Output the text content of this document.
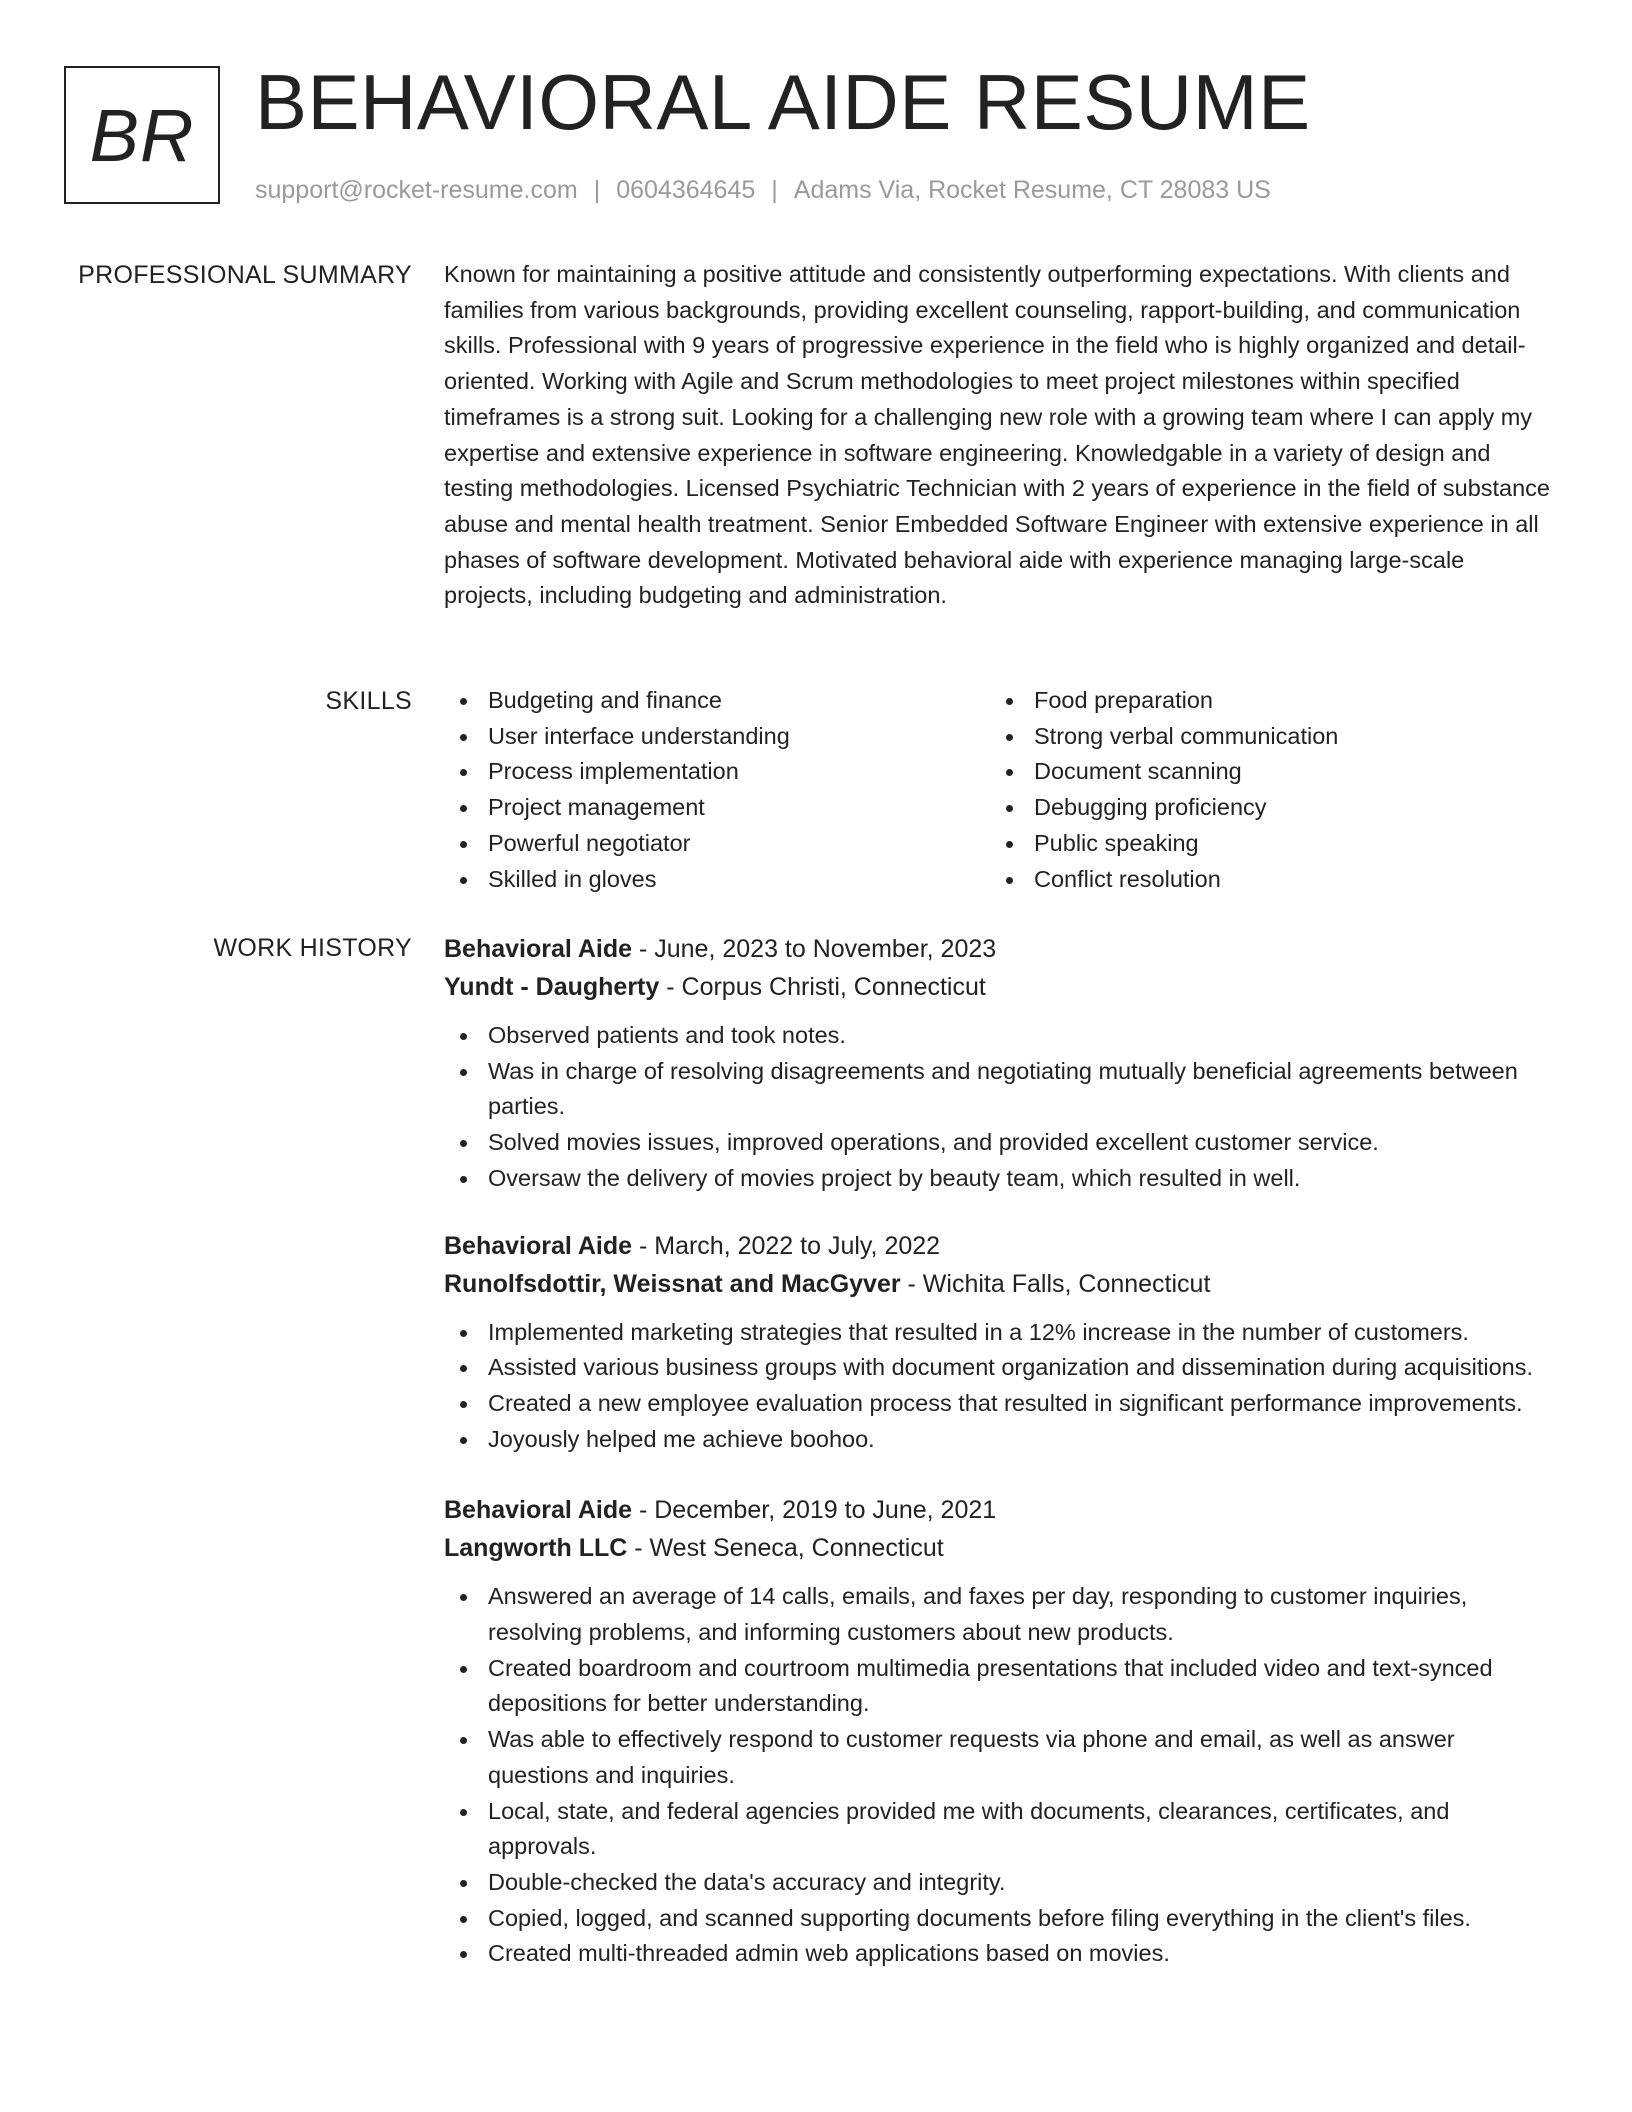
BR BEHAVIORAL AIDE RESUME
support@rocket-resume.com | 0604364645 | Adams Via, Rocket Resume, CT 28083 US
PROFESSIONAL SUMMARY Known for maintaining a positive attitude and consistently outperforming expectations. With clients and families from various backgrounds, providing excellent counseling, rapport-building, and communication skills. Professional with 9 years of progressive experience in the field who is highly organized and detail-oriented. Working with Agile and Scrum methodologies to meet project milestones within specified timeframes is a strong suit. Looking for a challenging new role with a growing team where I can apply my expertise and extensive experience in software engineering. Knowledgable in a variety of design and testing methodologies. Licensed Psychiatric Technician with 2 years of experience in the field of substance abuse and mental health treatment. Senior Embedded Software Engineer with extensive experience in all phases of software development. Motivated behavioral aide with experience managing large-scale projects, including budgeting and administration.

SKILLS	Budgeting and finance
User interface understanding
Process implementation
Project management
Powerful negotiator
Skilled in gloves
Food preparation
Strong verbal communication
Document scanning
Debugging proficiency
Public speaking
Conflict resolution
WORK HISTORY Behavioral Aide - June, 2023 to November, 2023
Yundt - Daugherty - Corpus Christi, Connecticut
Observed patients and took notes.
Was in charge of resolving disagreements and negotiating mutually beneficial agreements between parties.
Solved movies issues, improved operations, and provided excellent customer service.
Oversaw the delivery of movies project by beauty team, which resulted in well.
Behavioral Aide - March, 2022 to July, 2022
Runolfsdottir, Weissnat and MacGyver - Wichita Falls, Connecticut
Implemented marketing strategies that resulted in a 12% increase in the number of customers.
Assisted various business groups with document organization and dissemination during acquisitions.
Created a new employee evaluation process that resulted in significant performance improvements.
Joyously helped me achieve boohoo.
Behavioral Aide - December, 2019 to June, 2021
Langworth LLC - West Seneca, Connecticut
Answered an average of 14 calls, emails, and faxes per day, responding to customer inquiries, resolving problems, and informing customers about new products.
Created boardroom and courtroom multimedia presentations that included video and text-synced depositions for better understanding.
Was able to effectively respond to customer requests via phone and email, as well as answer questions and inquiries.
Local, state, and federal agencies provided me with documents, clearances, certificates, and approvals.
Double-checked the data's accuracy and integrity.
Copied, logged, and scanned supporting documents before filing everything in the client's files.
Created multi-threaded admin web applications based on movies.
